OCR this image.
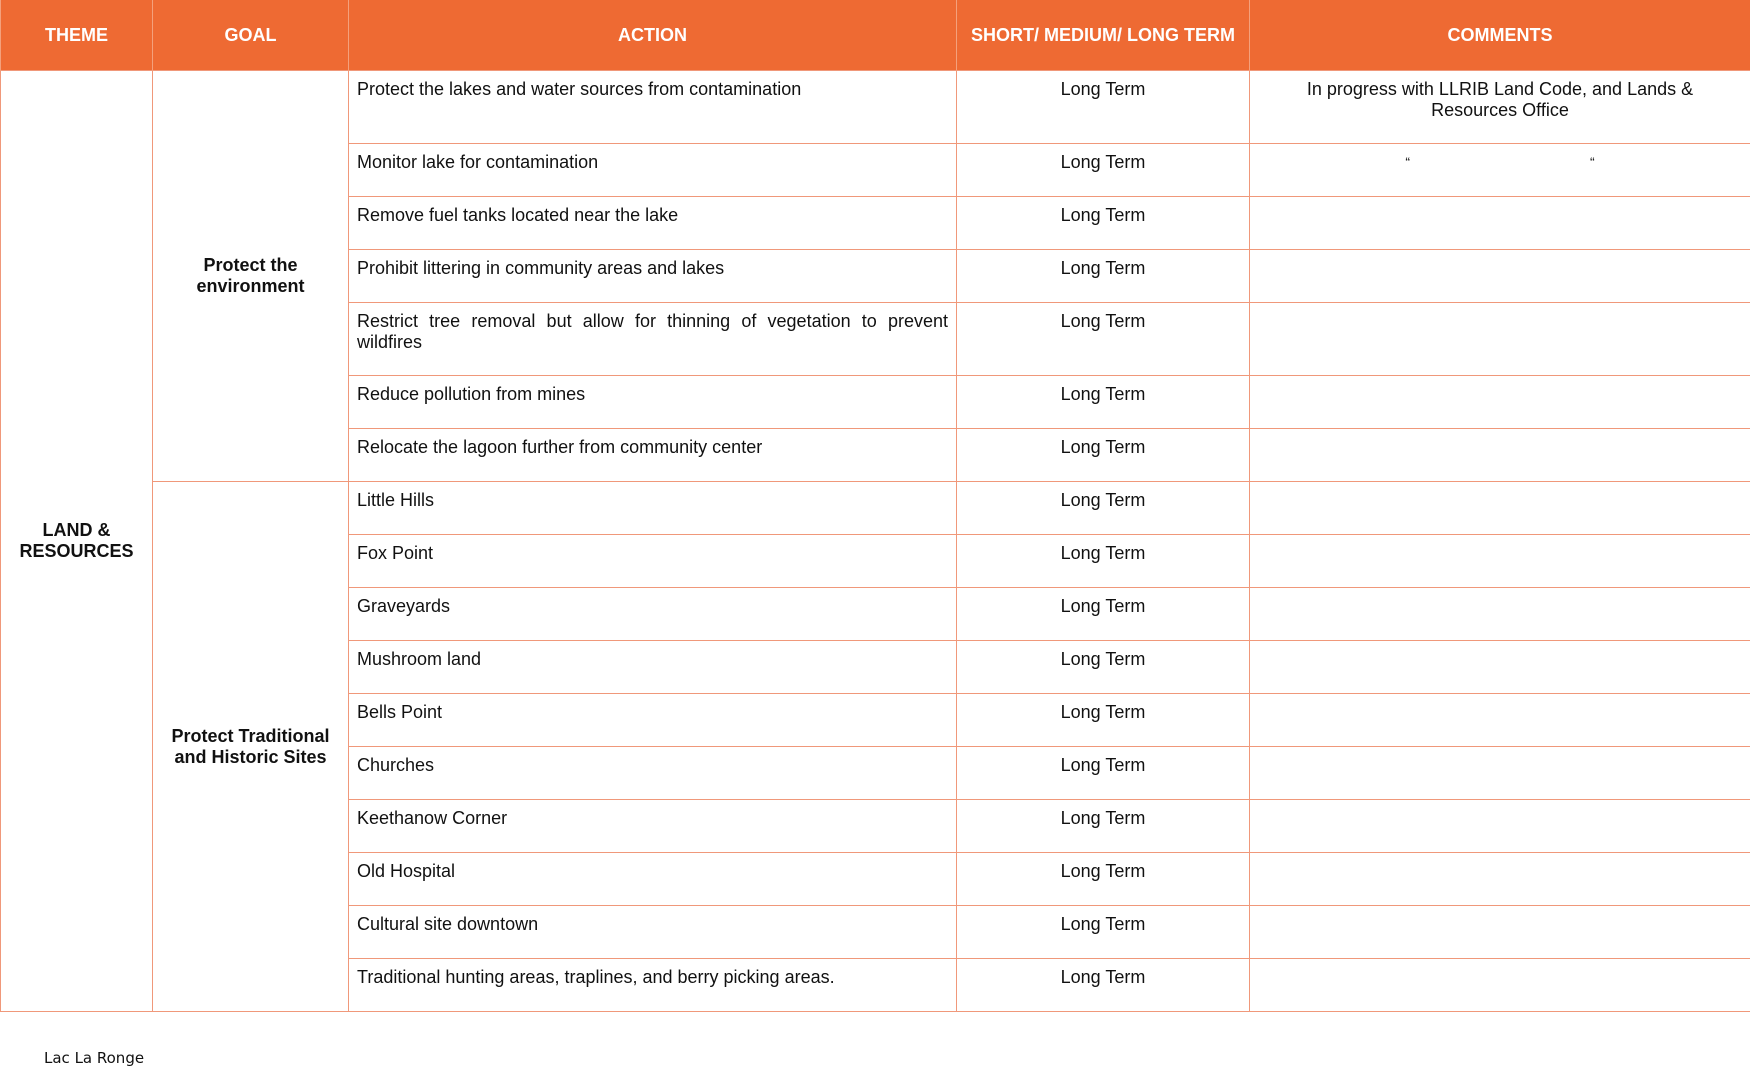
THEME	GOAL	ACTION	SHORT/ MEDIUM/ LONG TERM	COMMENTS
LAND & RESOURCES	Protect the environment	Protect the lakes and water sources from contamination	Long Term	In progress with LLRIB Land Code, and Lands & Resources Office
		Monitor lake for contamination	Long Term	“ “

		Remove fuel tanks located near the lake	Long Term	
		Prohibit littering in community areas and lakes	Long Term	
		Restrict tree removal but allow for thinning of vegetation to prevent wildfires	Long Term	
		Reduce pollution from mines	Long Term	
		Relocate the lagoon further from community center	Long Term	
	Protect Traditional and Historic Sites	Little Hills	Long Term	
		Fox Point	Long Term	
		Graveyards	Long Term	
		Mushroom land	Long Term	
		Bells Point	Long Term	
		Churches	Long Term	
		Keethanow Corner	Long Term	
		Old Hospital	Long Term	
		Cultural site downtown	Long Term	
		Traditional hunting areas, traplines, and berry picking areas.	Long Term	
Lac La Ronge
